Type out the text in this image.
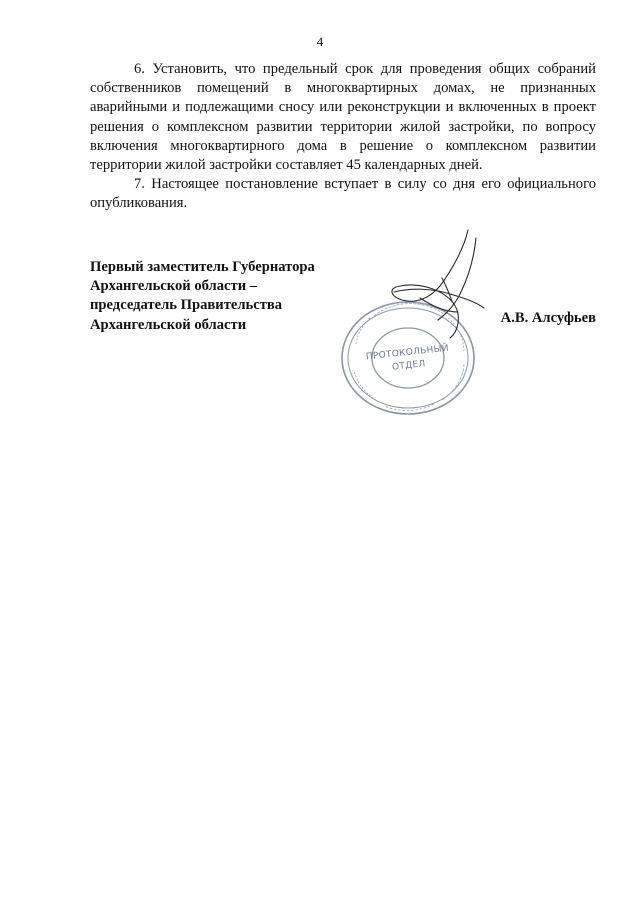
4

6. Установить, что предельный срок для проведения общих собраний собственников помещений в многоквартирных домах, не признанных аварийными и подлежащими сносу или реконструкции и включенных в проект решения о комплексном развитии территории жилой застройки, по вопросу включения многоквартирного дома в решение о комплексном развитии территории жилой застройки составляет 45 календарных дней.

7. Настоящее постановление вступает в силу со дня его официального опубликования.

Первый заместитель Губернатора
Архангельской области –
председатель Правительства
Архангельской области
ПРОТОКОЛЬНЫЙ
ОТДЕЛ
А.В. Алсуфьев
